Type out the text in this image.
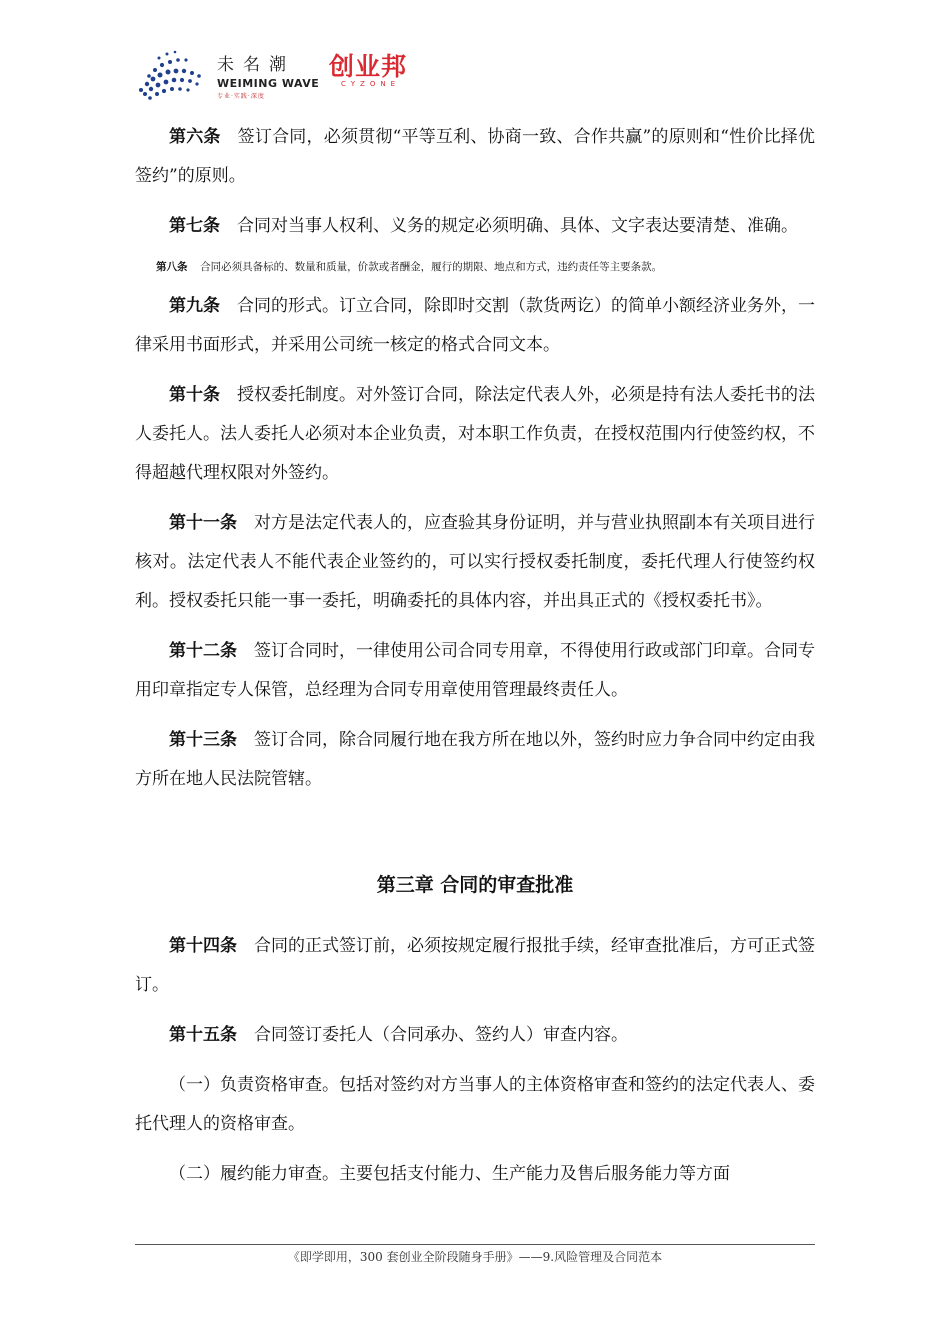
未名潮
WEIMING WAVE
专业·实践·深度
创业邦
CYZONE

第六条 签订合同，必须贯彻“平等互利、协商一致、合作共赢”的原则和“性价比择优签约”的原则。

第七条 合同对当事人权利、义务的规定必须明确、具体、文字表达要清楚、准确。

第八条 合同必须具备标的、数量和质量，价款或者酬金，履行的期限、地点和方式，违约责任等主要条款。

第九条 合同的形式。订立合同，除即时交割（款货两讫）的简单小额经济业务外，一律采用书面形式，并采用公司统一核定的格式合同文本。

第十条 授权委托制度。对外签订合同，除法定代表人外，必须是持有法人委托书的法人委托人。法人委托人必须对本企业负责，对本职工作负责，在授权范围内行使签约权，不得超越代理权限对外签约。

第十一条 对方是法定代表人的，应查验其身份证明，并与营业执照副本有关项目进行核对。法定代表人不能代表企业签约的，可以实行授权委托制度，委托代理人行使签约权利。授权委托只能一事一委托，明确委托的具体内容，并出具正式的《授权委托书》。

第十二条 签订合同时，一律使用公司合同专用章，不得使用行政或部门印章。合同专用印章指定专人保管，总经理为合同专用章使用管理最终责任人。

第十三条 签订合同，除合同履行地在我方所在地以外，签约时应力争合同中约定由我方所在地人民法院管辖。

第三章 合同的审查批准

第十四条 合同的正式签订前，必须按规定履行报批手续，经审查批准后，方可正式签订。

第十五条 合同签订委托人（合同承办、签约人）审查内容。

（一）负责资格审查。包括对签约对方当事人的主体资格审查和签约的法定代表人、委托代理人的资格审查。

（二）履约能力审查。主要包括支付能力、生产能力及售后服务能力等方面

《即学即用，300 套创业全阶段随身手册》——9.风险管理及合同范本
